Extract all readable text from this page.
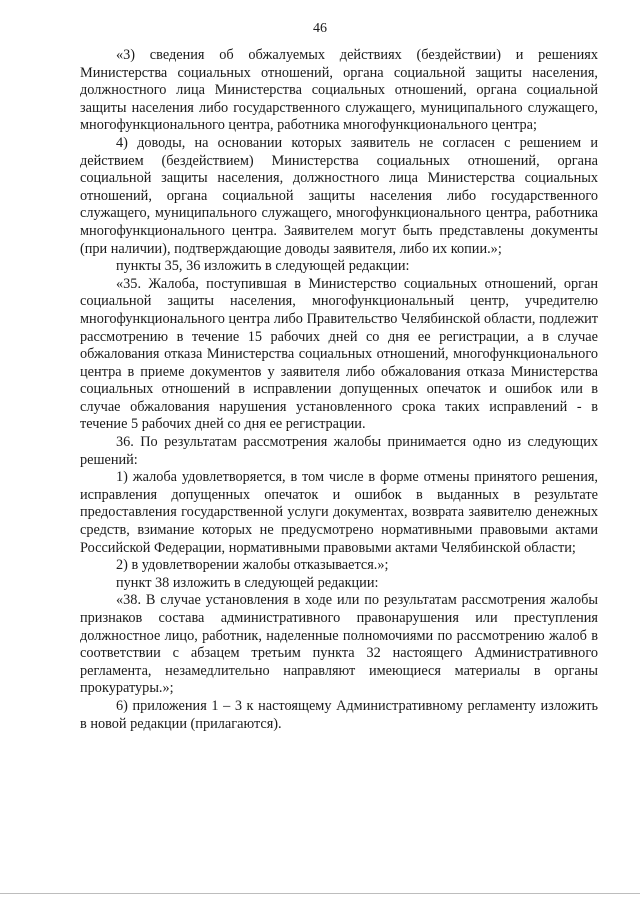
46

«3) сведения об обжалуемых действиях (бездействии) и решениях Министерства социальных отношений, органа социальной защиты населения, должностного лица Министерства социальных отношений, органа социальной защиты населения либо государственного служащего, муниципального служащего, многофункционального центра, работника многофункционального центра;

4) доводы, на основании которых заявитель не согласен с решением и действием (бездействием) Министерства социальных отношений, органа социальной защиты населения, должностного лица Министерства социальных отношений, органа социальной защиты населения либо государственного служащего, муниципального служащего, многофункционального центра, работника многофункционального центра. Заявителем могут быть представлены документы (при наличии), подтверждающие доводы заявителя, либо их копии.»;

пункты 35, 36 изложить в следующей редакции:

«35. Жалоба, поступившая в Министерство социальных отношений, орган социальной защиты населения, многофункциональный центр, учредителю многофункционального центра либо Правительство Челябинской области, подлежит рассмотрению в течение 15 рабочих дней со дня ее регистрации, а в случае обжалования отказа Министерства социальных отношений, многофункционального центра в приеме документов у заявителя либо обжалования отказа Министерства социальных отношений в исправлении допущенных опечаток и ошибок или в случае обжалования нарушения установленного срока таких исправлений - в течение 5 рабочих дней со дня ее регистрации.

36. По результатам рассмотрения жалобы принимается одно из следующих решений:

1) жалоба удовлетворяется, в том числе в форме отмены принятого решения, исправления допущенных опечаток и ошибок в выданных в результате предоставления государственной услуги документах, возврата заявителю денежных средств, взимание которых не предусмотрено нормативными правовыми актами Российской Федерации, нормативными правовыми актами Челябинской области;

2) в удовлетворении жалобы отказывается.»;

пункт 38 изложить в следующей редакции:

«38. В случае установления в ходе или по результатам рассмотрения жалобы признаков состава административного правонарушения или преступления должностное лицо, работник, наделенные полномочиями по рассмотрению жалоб в соответствии с абзацем третьим пункта 32 настоящего Административного регламента, незамедлительно направляют имеющиеся материалы в органы прокуратуры.»;

6) приложения 1 – 3 к настоящему Административному регламенту изложить в новой редакции (прилагаются).
